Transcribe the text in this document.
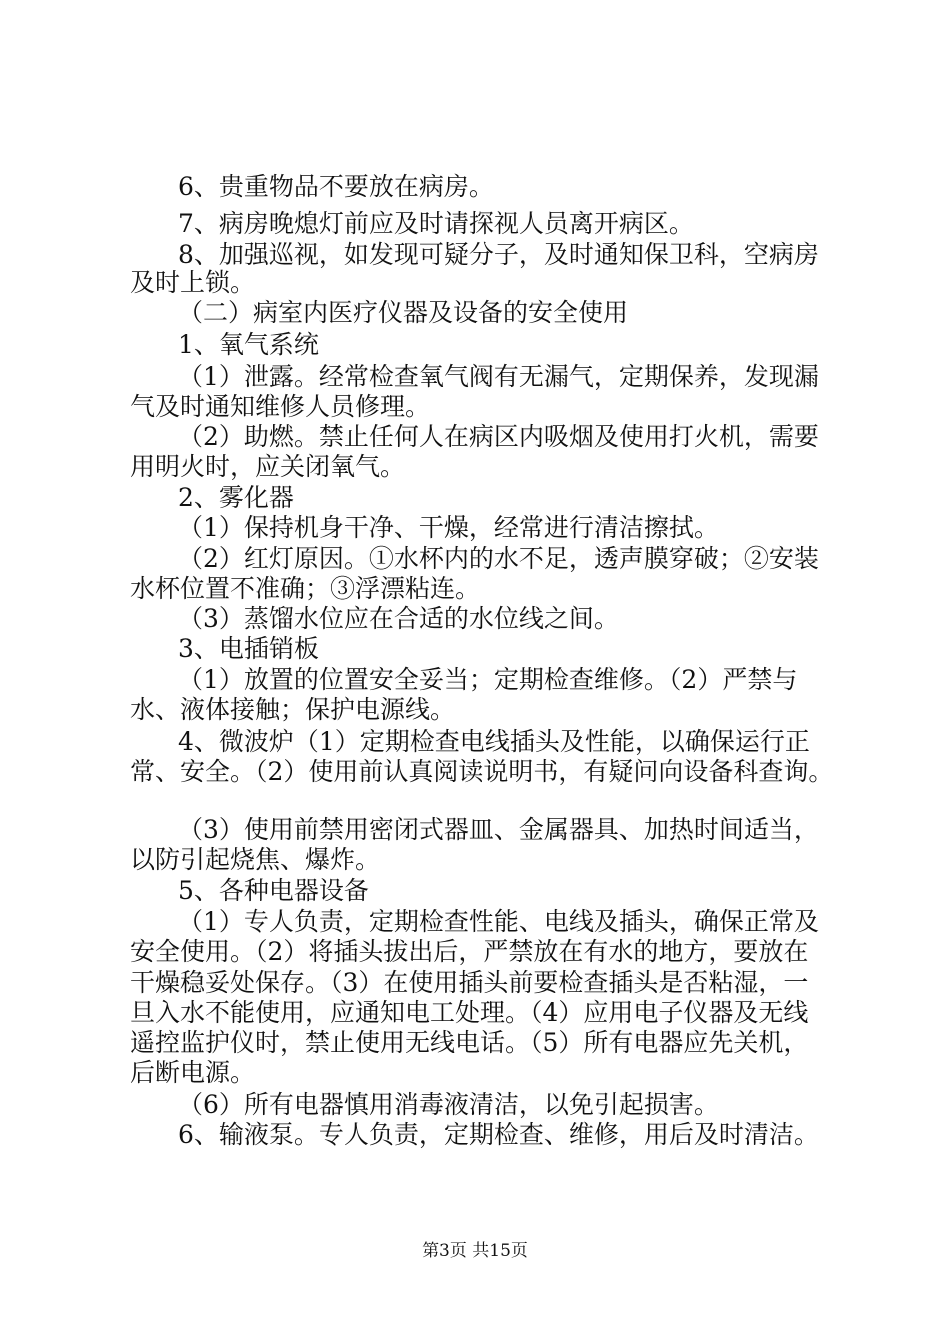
6、贵重物品不要放在病房。
7、病房晚熄灯前应及时请探视人员离开病区。
8、加强巡视，如发现可疑分子，及时通知保卫科，空病房
及时上锁。
（二）病室内医疗仪器及设备的安全使用
1、氧气系统
（1）泄露。经常检查氧气阀有无漏气，定期保养，发现漏
气及时通知维修人员修理。
（2）助燃。禁止任何人在病区内吸烟及使用打火机，需要
用明火时，应关闭氧气。
2、雾化器
（1）保持机身干净、干燥，经常进行清洁擦拭。
（2）红灯原因。①水杯内的水不足，透声膜穿破；②安装
水杯位置不准确；③浮漂粘连。
（3）蒸馏水位应在合适的水位线之间。
3、电插销板
（1）放置的位置安全妥当；定期检查维修。（2）严禁与
水、液体接触；保护电源线。
4、微波炉（1）定期检查电线插头及性能，以确保运行正
常、安全。（2）使用前认真阅读说明书，有疑问向设备科查询。
（3）使用前禁用密闭式器皿、金属器具、加热时间适当，
以防引起烧焦、爆炸。
5、各种电器设备
（1）专人负责，定期检查性能、电线及插头，确保正常及
安全使用。（2）将插头拔出后，严禁放在有水的地方，要放在
干燥稳妥处保存。（3）在使用插头前要检查插头是否粘湿，一
旦入水不能使用，应通知电工处理。（4）应用电子仪器及无线
遥控监护仪时，禁止使用无线电话。（5）所有电器应先关机，
后断电源。
（6）所有电器慎用消毒液清洁，以免引起损害。
6、输液泵。专人负责，定期检查、维修，用后及时清洁。
第3页 共15页
